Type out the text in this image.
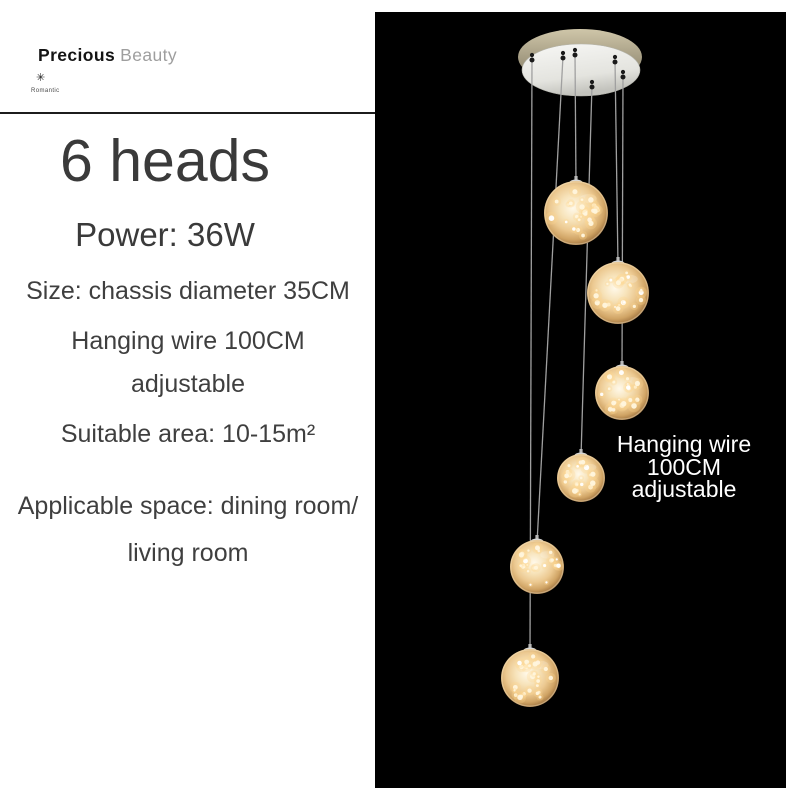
Precious Beauty
✳
Romantic
6 heads
Power: 36W
Size: chassis diameter 35CM
Hanging wire 100CM
adjustable
Suitable area: 10-15m²
Applicable space: dining room/
living room
Hanging wire 100CM
adjustable
